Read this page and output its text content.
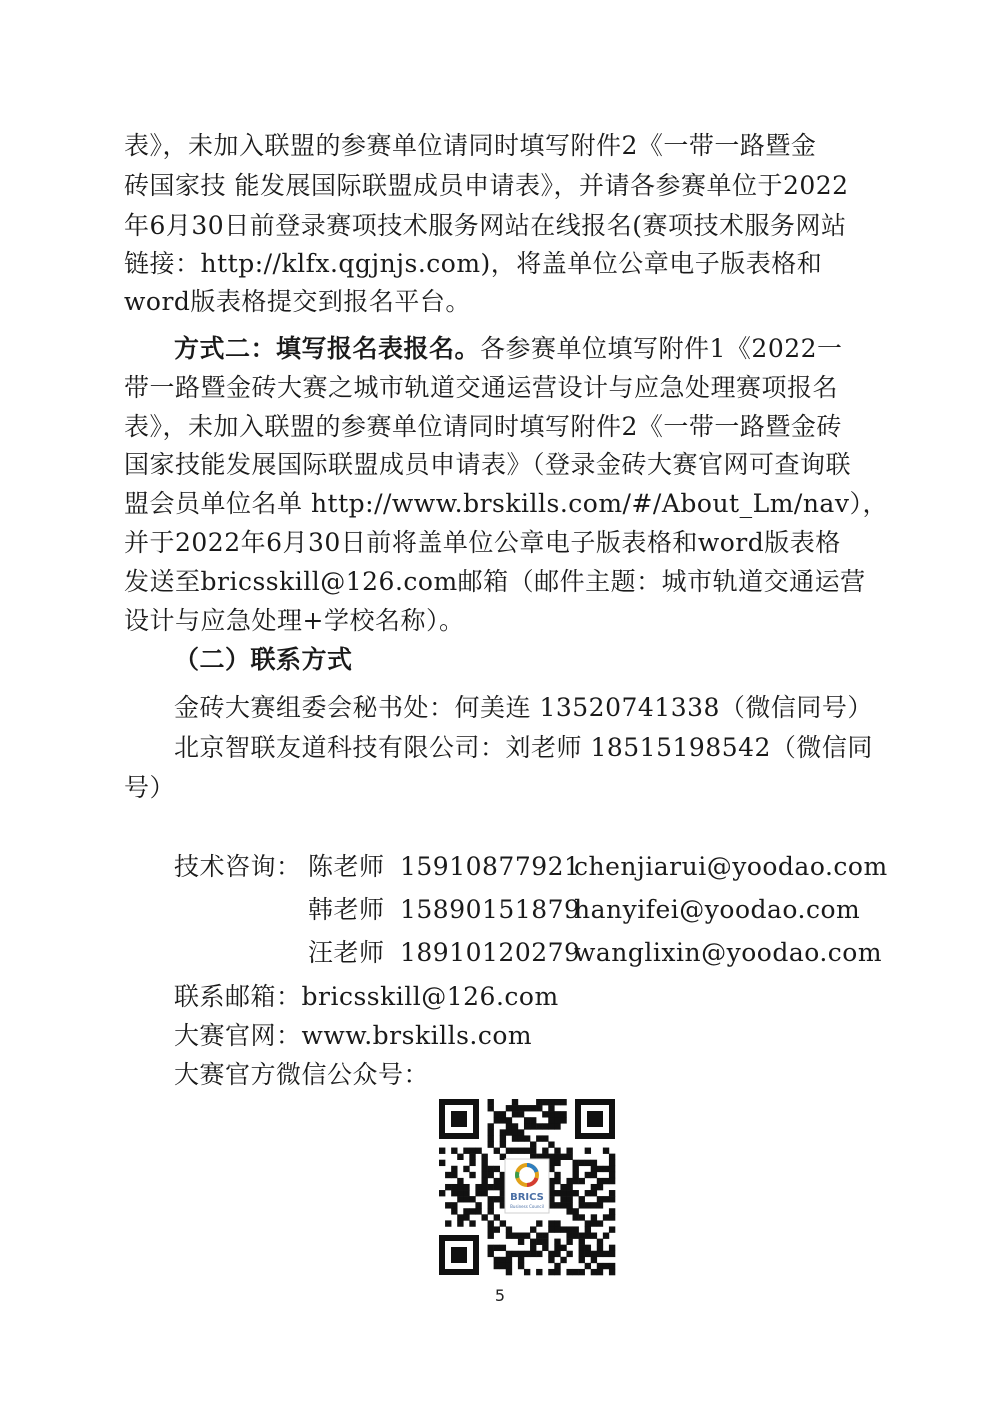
表》，未加入联盟的参赛单位请同时填写附件2《一带一路暨金
砖国家技 能发展国际联盟成员申请表》，并请各参赛单位于2022
年6月30日前登录赛项技术服务网站在线报名(赛项技术服务网站
链接：http://klfx.qgjnjs.com)，将盖单位公章电子版表格和
word版表格提交到报名平台。
方式二：填写报名表报名。各参赛单位填写附件1《2022一
带一路暨金砖大赛之城市轨道交通运营设计与应急处理赛项报名
表》，未加入联盟的参赛单位请同时填写附件2《一带一路暨金砖
国家技能发展国际联盟成员申请表》（登录金砖大赛官网可查询联
盟会员单位名单 http://www.brskills.com/#/About_Lm/nav），
并于2022年6月30日前将盖单位公章电子版表格和word版表格
发送至bricsskill@126.com邮箱（邮件主题：城市轨道交通运营
设计与应急处理+学校名称）。
（二）联系方式
金砖大赛组委会秘书处：何美连 13520741338（微信同号）
北京智联友道科技有限公司：刘老师 18515198542（微信同
号）
技术咨询： 陈老师 15910877921
chenjiarui@yoodao.com
韩老师 15890151879
hanyifei@yoodao.com
汪老师 18910120279
wanglixin@yoodao.com
联系邮箱：bricsskill@126.com
大赛官网：www.brskills.com
大赛官方微信公众号：
BRICS
Business Council
5
